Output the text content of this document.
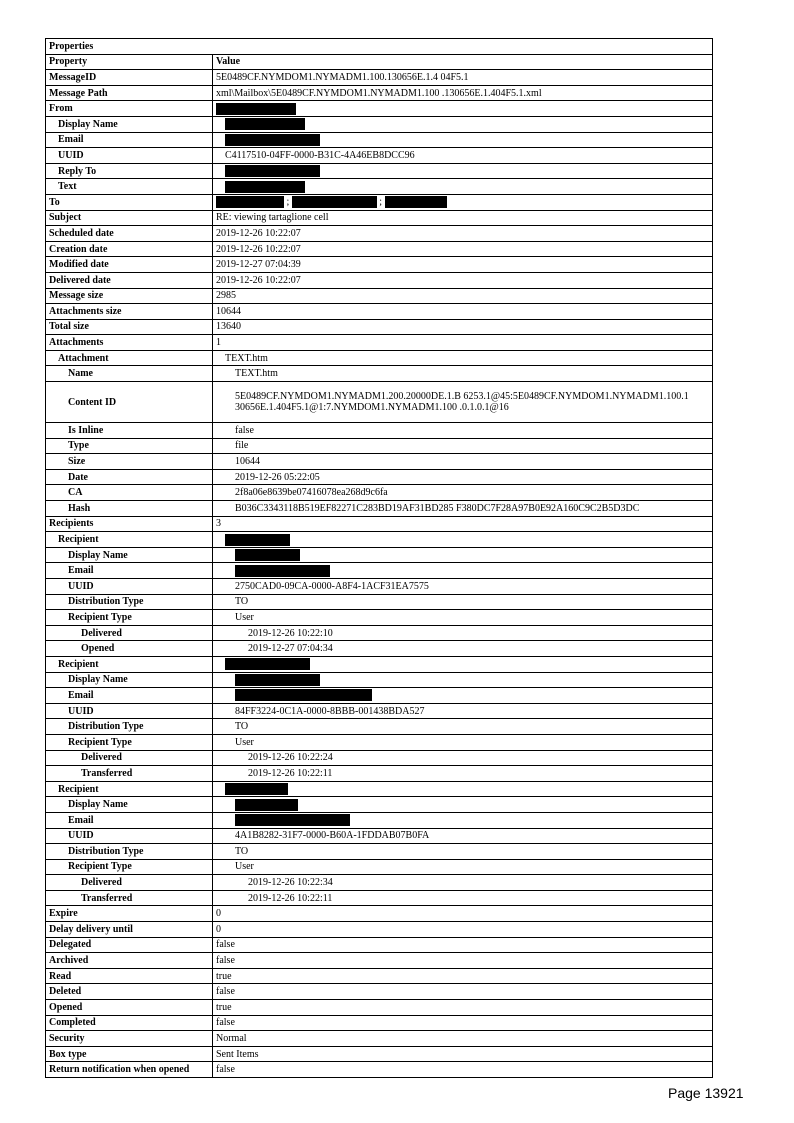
Properties	
Property	Value
MessageID	5E0489CF.NYMDOM1.NYMADM1.100.130656E.1.4 04F5.1
Message Path	xml\Mailbox\5E0489CF.NYMDOM1.NYMADM1.100 .130656E.1.404F5.1.xml
From	
Display Name	
Email	
UUID	C4117510-04FF-0000-B31C-4A46EB8DCC96
Reply To	
Text	
To	; ;
Subject	RE: viewing tartaglione cell
Scheduled date	2019-12-26 10:22:07
Creation date	2019-12-26 10:22:07
Modified date	2019-12-27 07:04:39
Delivered date	2019-12-26 10:22:07
Message size	2985
Attachments size	10644
Total size	13640
Attachments	1
Attachment	TEXT.htm
Name	TEXT.htm
Content ID	5E0489CF.NYMDOM1.NYMADM1.200.20000DE.1.B 6253.1@45:5E0489CF.NYMDOM1.NYMADM1.100.1 30656E.1.404F5.1@1:7.NYMDOM1.NYMADM1.100 .0.1.0.1@16
Is Inline	false
Type	file
Size	10644
Date	2019-12-26 05:22:05
CA	2f8a06e8639be07416078ea268d9c6fa
Hash	B036C3343118B519EF82271C283BD19AF31BD285 F380DC7F28A97B0E92A160C9C2B5D3DC
Recipients	3
Recipient	
Display Name	
Email	
UUID	2750CAD0-09CA-0000-A8F4-1ACF31EA7575
Distribution Type	TO
Recipient Type	User
Delivered	2019-12-26 10:22:10
Opened	2019-12-27 07:04:34
Recipient	
Display Name	
Email	
UUID	84FF3224-0C1A-0000-8BBB-001438BDA527
Distribution Type	TO
Recipient Type	User
Delivered	2019-12-26 10:22:24
Transferred	2019-12-26 10:22:11
Recipient	
Display Name	
Email	
UUID	4A1B8282-31F7-0000-B60A-1FDDAB07B0FA
Distribution Type	TO
Recipient Type	User
Delivered	2019-12-26 10:22:34
Transferred	2019-12-26 10:22:11
Expire	0
Delay delivery until	0
Delegated	false
Archived	false
Read	true
Deleted	false
Opened	true
Completed	false
Security	Normal
Box type	Sent Items
Return notification when opened	false
Page 13921
